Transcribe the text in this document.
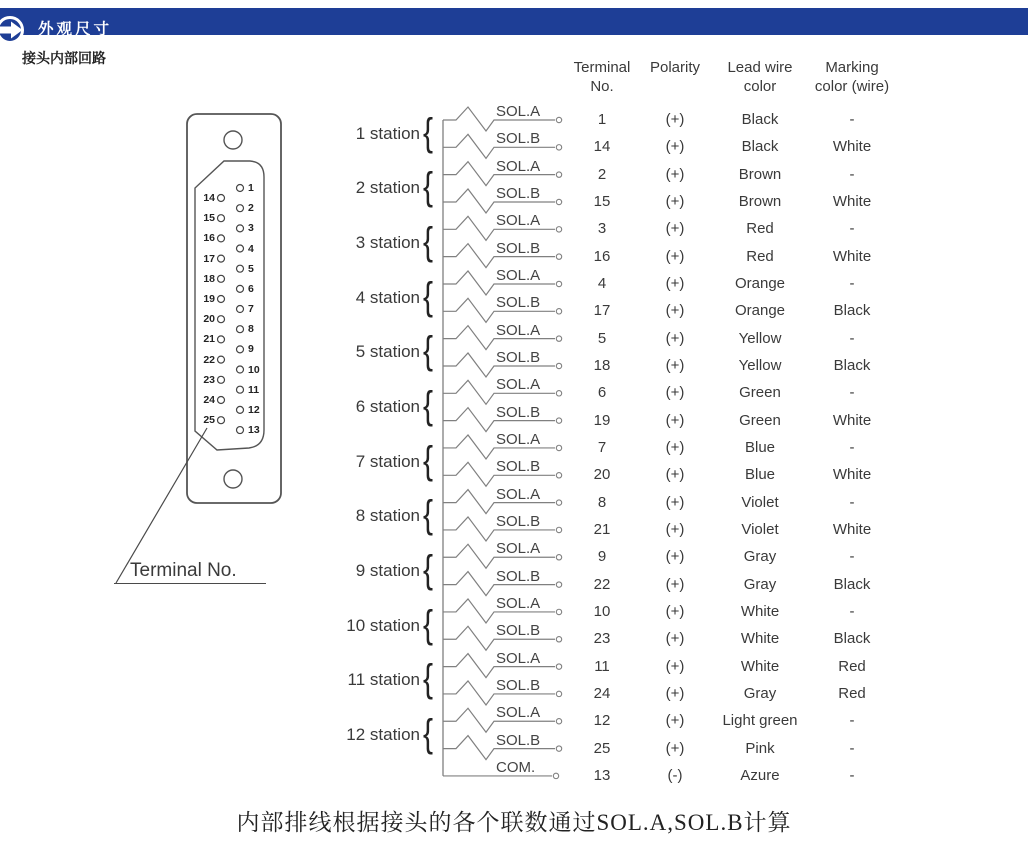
外观尺寸
接头内部回路
Terminal No.
内部排线根据接头的各个联数通过SOL.A,SOL.B计算
1
2
3
4
5
6
7
8
9
10
11
12
13
14
15
16
17
18
19
20
21
22
23
24
25
SOL.A
SOL.B
SOL.A
SOL.B
SOL.A
SOL.B
SOL.A
SOL.B
SOL.A
SOL.B
SOL.A
SOL.B
SOL.A
SOL.B
SOL.A
SOL.B
SOL.A
SOL.B
SOL.A
SOL.B
SOL.A
SOL.B
SOL.A
SOL.B
COM.
1 station {
2 station {
3 station {
4 station {
5 station {
6 station {
7 station {
8 station {
9 station {
10 station {
11 station {
12 station {
Terminal
No.
Polarity	Lead wire
color
Marking
color (wire)
1	(+)	Black	-
14	(+)	Black	White
2	(+)	Brown	-
15	(+)	Brown	White
3	(+)	Red	-
16	(+)	Red	White
4	(+)	Orange	-
17	(+)	Orange	Black
5	(+)	Yellow	-
18	(+)	Yellow	Black
6	(+)	Green	-
19	(+)	Green	White
7	(+)	Blue	-
20	(+)	Blue	White
8	(+)	Violet	-
21	(+)	Violet	White
9	(+)	Gray	-
22	(+)	Gray	Black
10	(+)	White	-
23	(+)	White	Black
11	(+)	White	Red
24	(+)	Gray	Red
12	(+)	Light green	-
25	(+)	Pink	-
13	(-)	Azure	-
